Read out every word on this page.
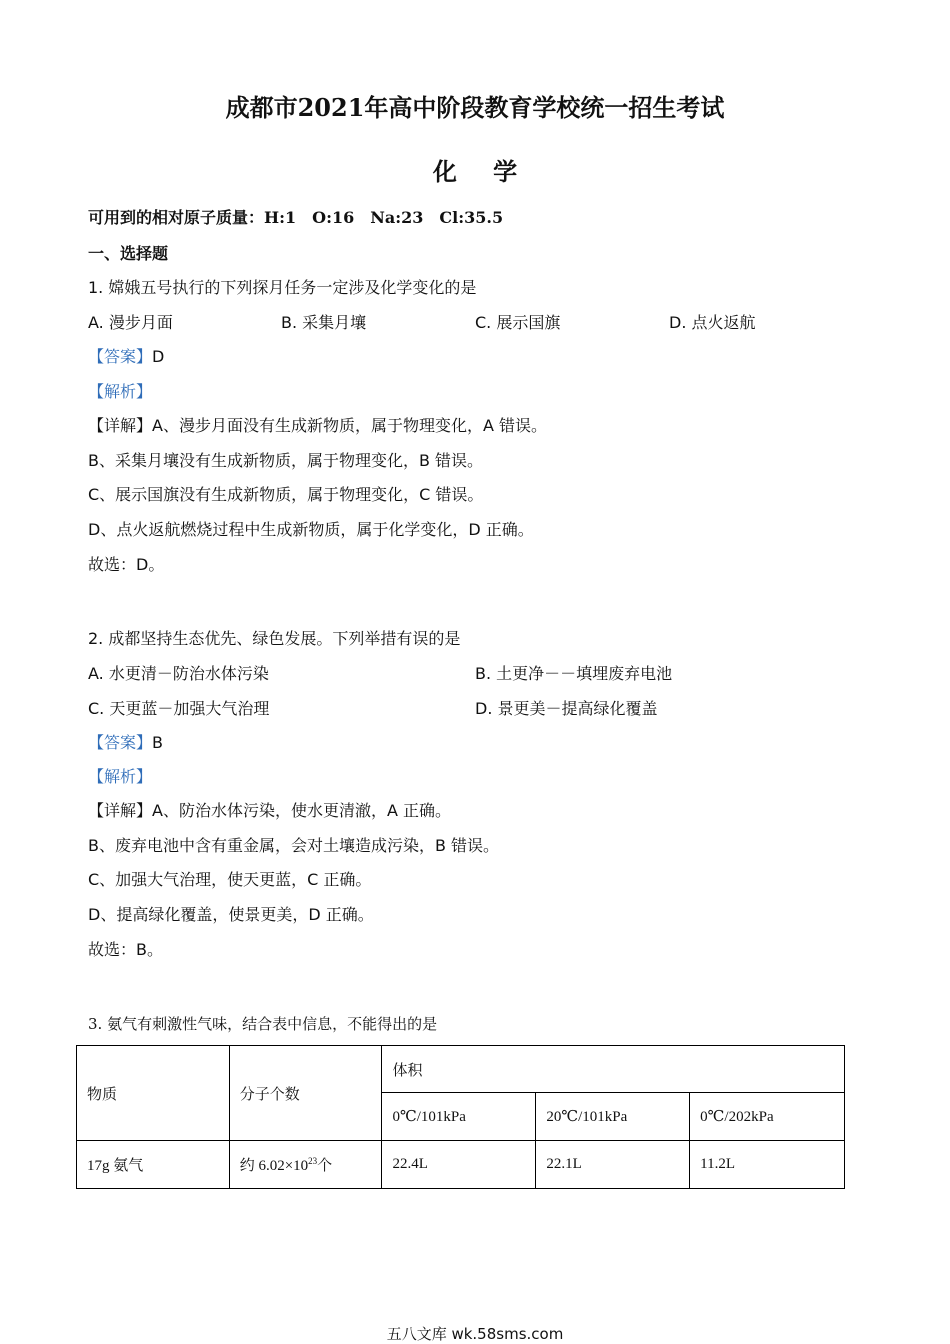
成都市2021年高中阶段教育学校统一招生考试
化 学
可用到的相对原子质量：H:1　O:16　Na:23　Cl:35.5
一、选择题
1. 嫦娥五号执行的下列探月任务一定涉及化学变化的是
A. 漫步月面	B. 采集月壤	C. 展示国旗	D. 点火返航
【答案】D
【解析】
【详解】A、漫步月面没有生成新物质，属于物理变化，A 错误。
B、采集月壤没有生成新物质，属于物理变化，B 错误。
C、展示国旗没有生成新物质，属于物理变化，C 错误。
D、点火返航燃烧过程中生成新物质，属于化学变化，D 正确。
故选：D。
2. 成都坚持生态优先、绿色发展。下列举措有误的是
A. 水更清－防治水体污染	B. 土更净－－填埋废弃电池
C. 天更蓝－加强大气治理	D. 景更美－提高绿化覆盖
【答案】B
【解析】
【详解】A、防治水体污染，使水更清澈，A 正确。
B、废弃电池中含有重金属，会对土壤造成污染，B 错误。
C、加强大气治理，使天更蓝，C 正确。
D、提高绿化覆盖，使景更美，D 正确。
故选：B。
3. 氨气有刺激性气味，结合表中信息，不能得出的是
物质	分子个数	体积		
		0℃/101kPa	20℃/101kPa	0℃/202kPa
17g 氨气	约 $6.02\times 10^{23}$个	22.4L	22.1L	11.2L
五八文库 wk.58sms.com
